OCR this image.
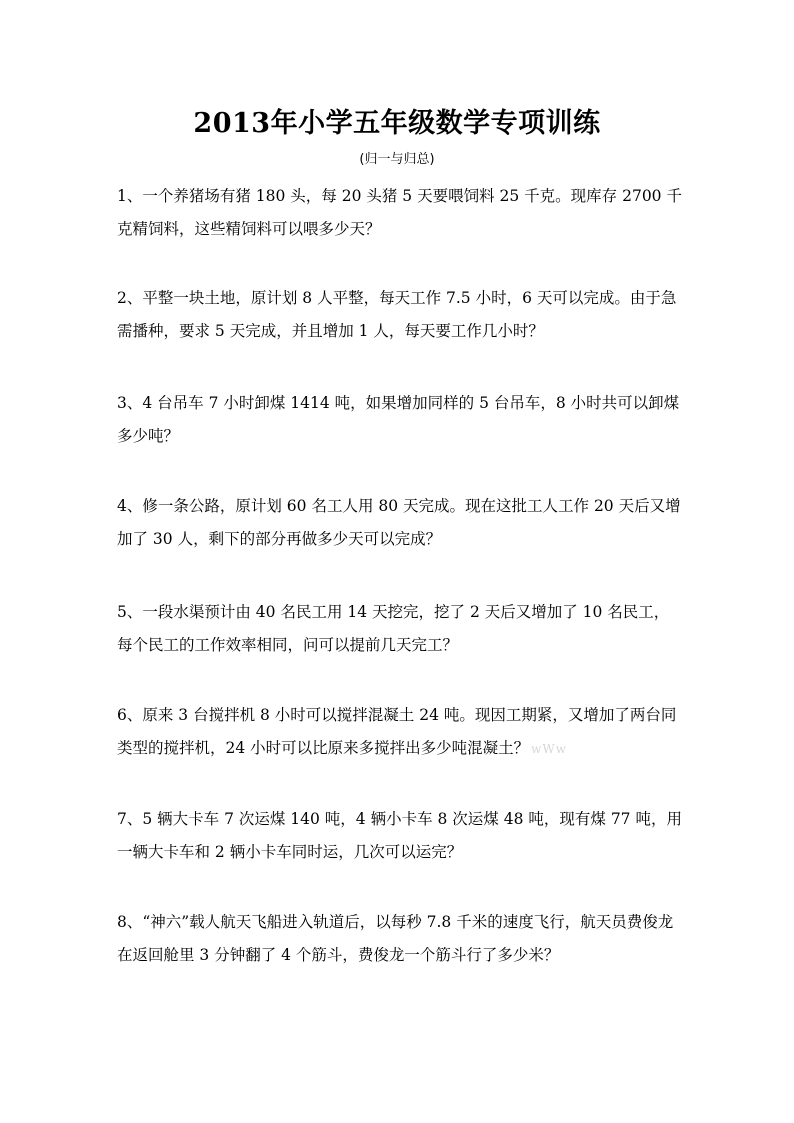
2013年小学五年级数学专项训练
(归一与归总)

1、一个养猪场有猪 180 头，每 20 头猪 5 天要喂饲料 25 千克。现库存 2700 千克精饲料，这些精饲料可以喂多少天？

2、平整一块土地，原计划 8 人平整，每天工作 7.5 小时，6 天可以完成。由于急需播种，要求 5 天完成，并且增加 1 人，每天要工作几小时？

3、4 台吊车 7 小时卸煤 1414 吨，如果增加同样的 5 台吊车，8 小时共可以卸煤多少吨？

4、修一条公路，原计划 60 名工人用 80 天完成。现在这批工人工作 20 天后又增加了 30 人，剩下的部分再做多少天可以完成？

5、一段水渠预计由 40 名民工用 14 天挖完，挖了 2 天后又增加了 10 名民工，每个民工的工作效率相同，问可以提前几天完工？

6、原来 3 台搅拌机 8 小时可以搅拌混凝土 24 吨。现因工期紧，又增加了两台同类型的搅拌机，24 小时可以比原来多搅拌出多少吨混凝土？ wWw

7、5 辆大卡车 7 次运煤 140 吨，4 辆小卡车 8 次运煤 48 吨，现有煤 77 吨，用一辆大卡车和 2 辆小卡车同时运，几次可以运完？

8、“神六”载人航天飞船进入轨道后，以每秒 7.8 千米的速度飞行，航天员费俊龙在返回舱里 3 分钟翻了 4 个筋斗，费俊龙一个筋斗行了多少米？
